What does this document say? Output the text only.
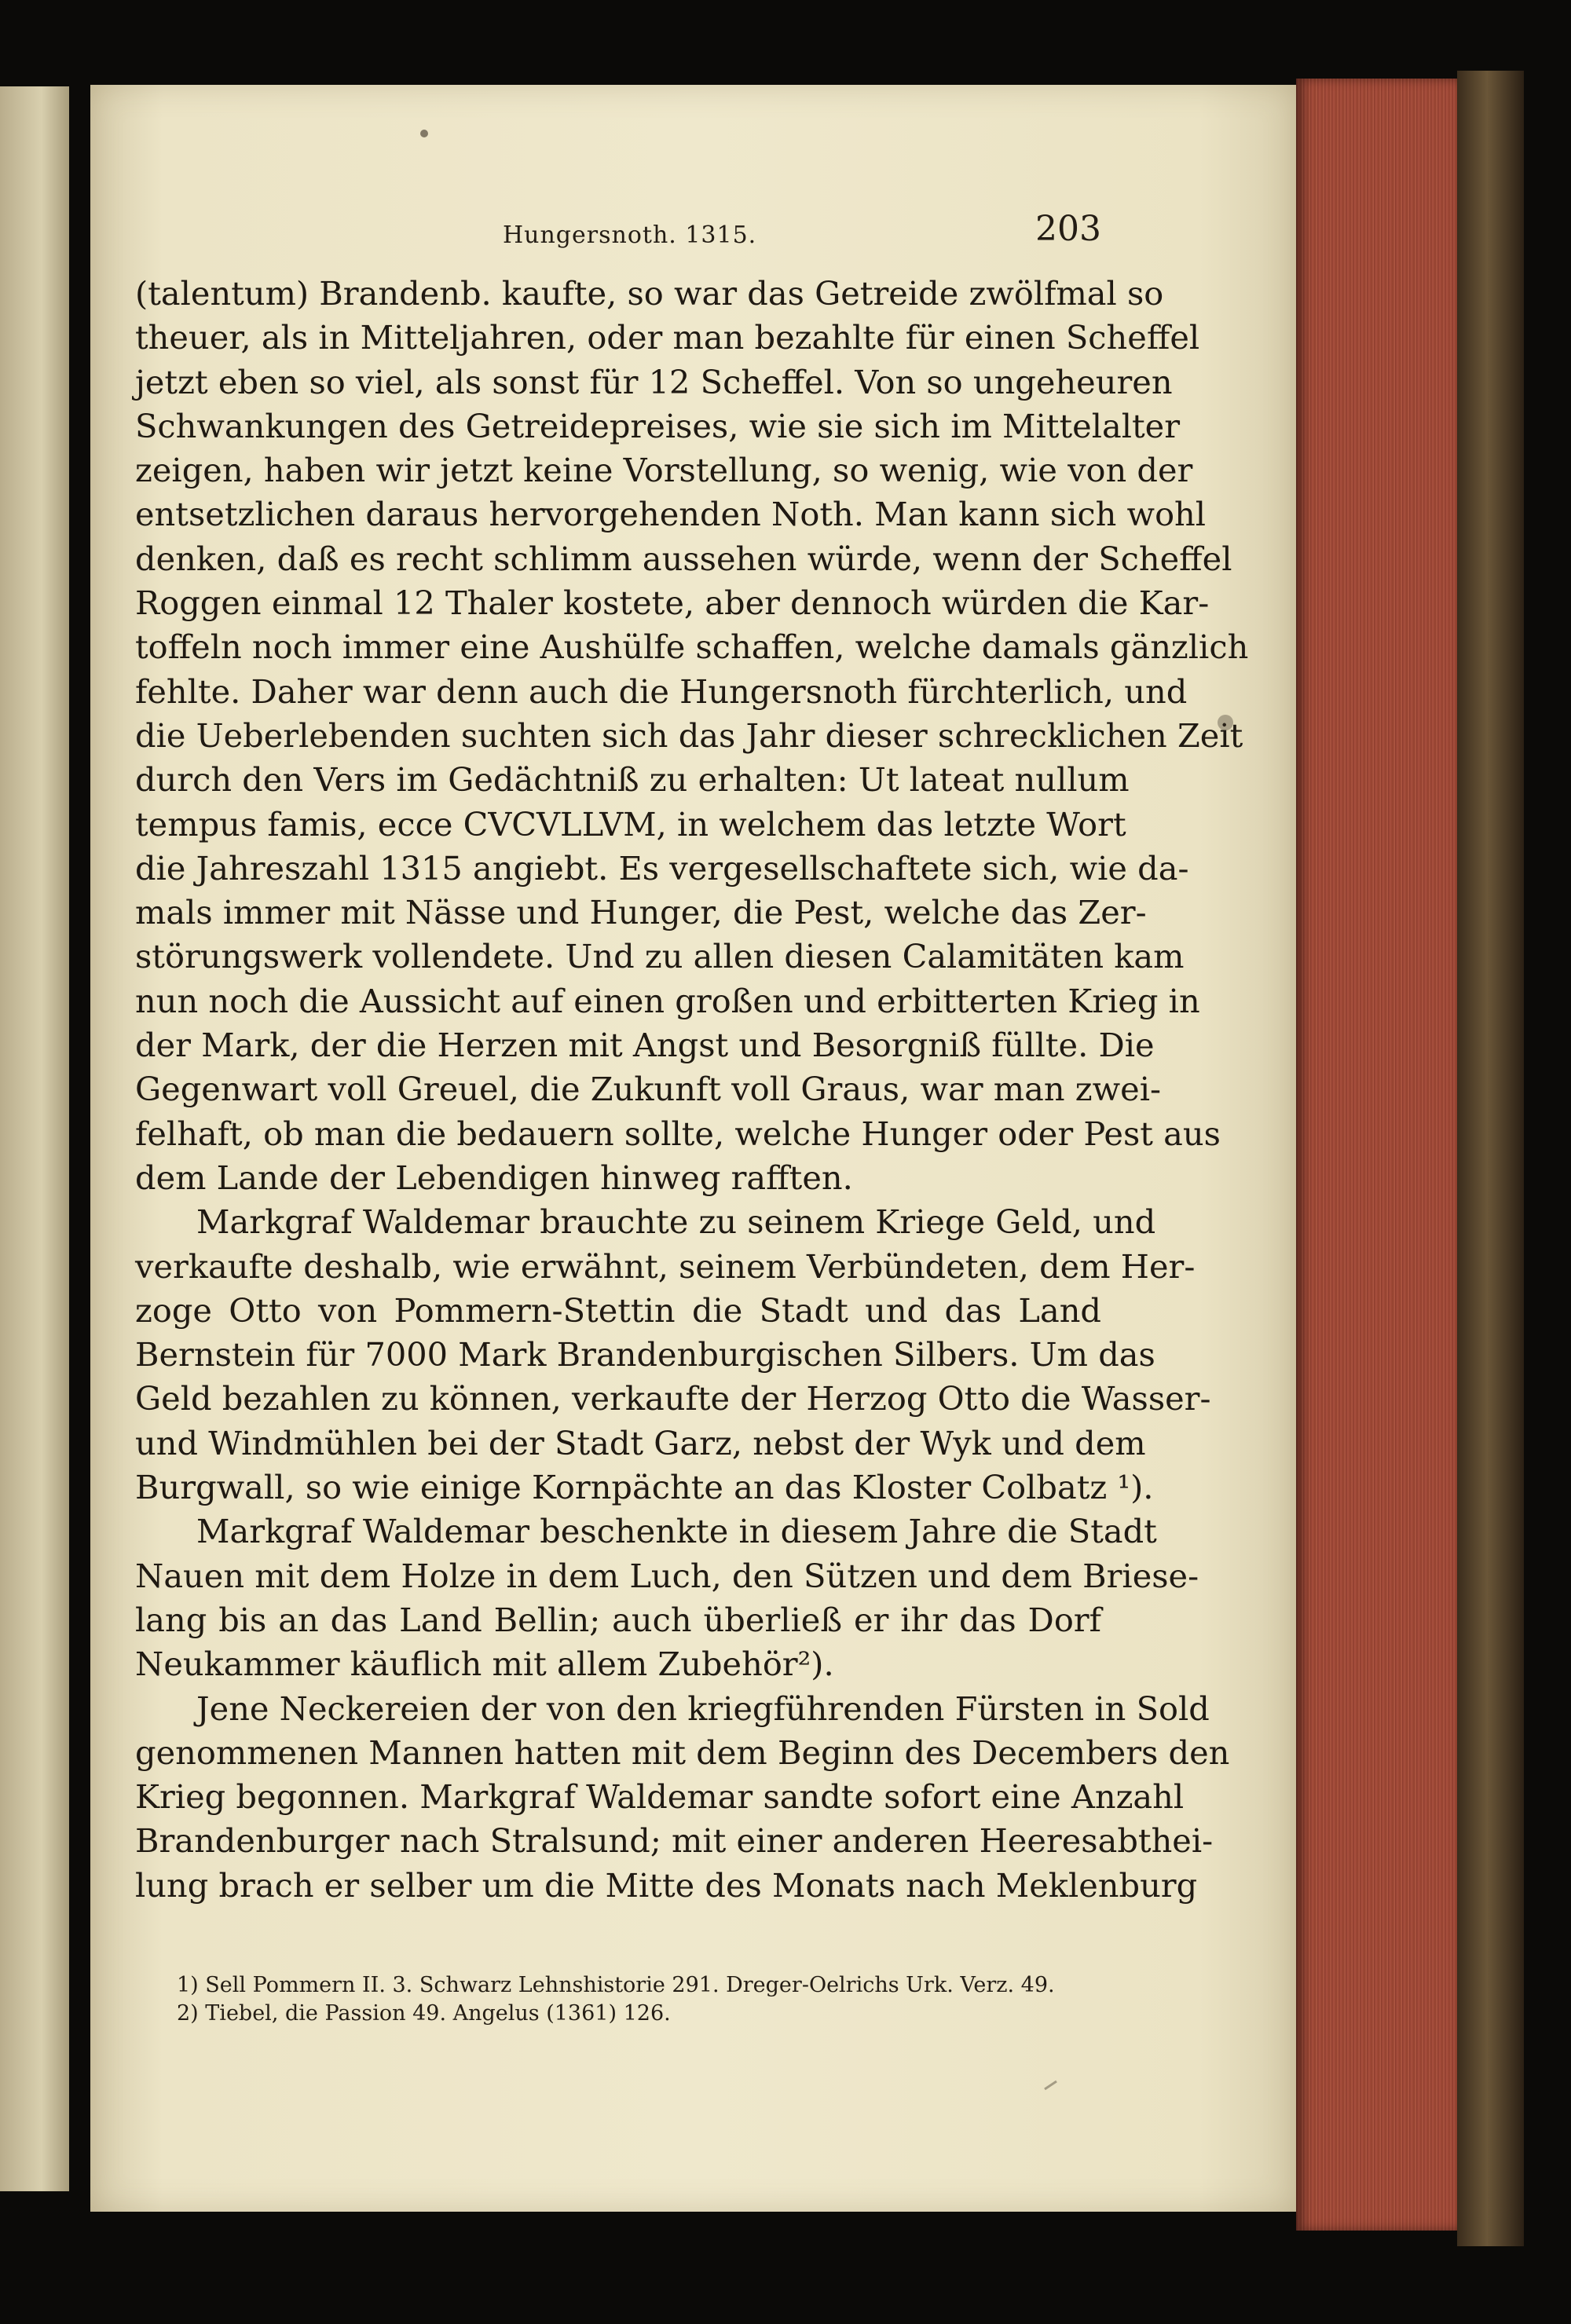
Hungersnoth. 1315.	203
(talentum) Brandenb. kaufte, so war das Getreide zwölfmal so
theuer, als in Mitteljahren, oder man bezahlte für einen Scheffel
jetzt eben so viel, als sonst für 12 Scheffel. Von so ungeheuren
Schwankungen des Getreidepreises, wie sie sich im Mittelalter
zeigen, haben wir jetzt keine Vorstellung, so wenig, wie von der
entsetzlichen daraus hervorgehenden Noth. Man kann sich wohl
denken, daß es recht schlimm aussehen würde, wenn der Scheffel
Roggen einmal 12 Thaler kostete, aber dennoch würden die Kar-
toffeln noch immer eine Aushülfe schaffen, welche damals gänzlich
fehlte. Daher war denn auch die Hungersnoth fürchterlich, und
die Ueberlebenden suchten sich das Jahr dieser schrecklichen Zeit
durch den Vers im Gedächtniß zu erhalten: Ut lateat nullum
tempus famis, ecce CVCVLLVM, in welchem das letzte Wort
die Jahreszahl 1315 angiebt. Es vergesellschaftete sich, wie da-
mals immer mit Nässe und Hunger, die Pest, welche das Zer-
störungswerk vollendete. Und zu allen diesen Calamitäten kam
nun noch die Aussicht auf einen großen und erbitterten Krieg in
der Mark, der die Herzen mit Angst und Besorgniß füllte. Die
Gegenwart voll Greuel, die Zukunft voll Graus, war man zwei-
felhaft, ob man die bedauern sollte, welche Hunger oder Pest aus
dem Lande der Lebendigen hinweg rafften.
Markgraf Waldemar brauchte zu seinem Kriege Geld, und
verkaufte deshalb, wie erwähnt, seinem Verbündeten, dem Her-
zoge Otto von Pommern-Stettin die Stadt und das Land
Bernstein für 7000 Mark Brandenburgischen Silbers. Um das
Geld bezahlen zu können, verkaufte der Herzog Otto die Wasser-
und Windmühlen bei der Stadt Garz, nebst der Wyk und dem
Burgwall, so wie einige Kornpächte an das Kloster Colbatz ¹).
Markgraf Waldemar beschenkte in diesem Jahre die Stadt
Nauen mit dem Holze in dem Luch, den Sützen und dem Briese-
lang bis an das Land Bellin; auch überließ er ihr das Dorf
Neukammer käuflich mit allem Zubehör²).
Jene Neckereien der von den kriegführenden Fürsten in Sold
genommenen Mannen hatten mit dem Beginn des Decembers den
Krieg begonnen. Markgraf Waldemar sandte sofort eine Anzahl
Brandenburger nach Stralsund; mit einer anderen Heeresabthei-
lung brach er selber um die Mitte des Monats nach Meklenburg
1) Sell Pommern II. 3. Schwarz Lehnshistorie 291. Dreger-Oelrichs Urk. Verz. 49.
2) Tiebel, die Passion 49. Angelus (1361) 126.
